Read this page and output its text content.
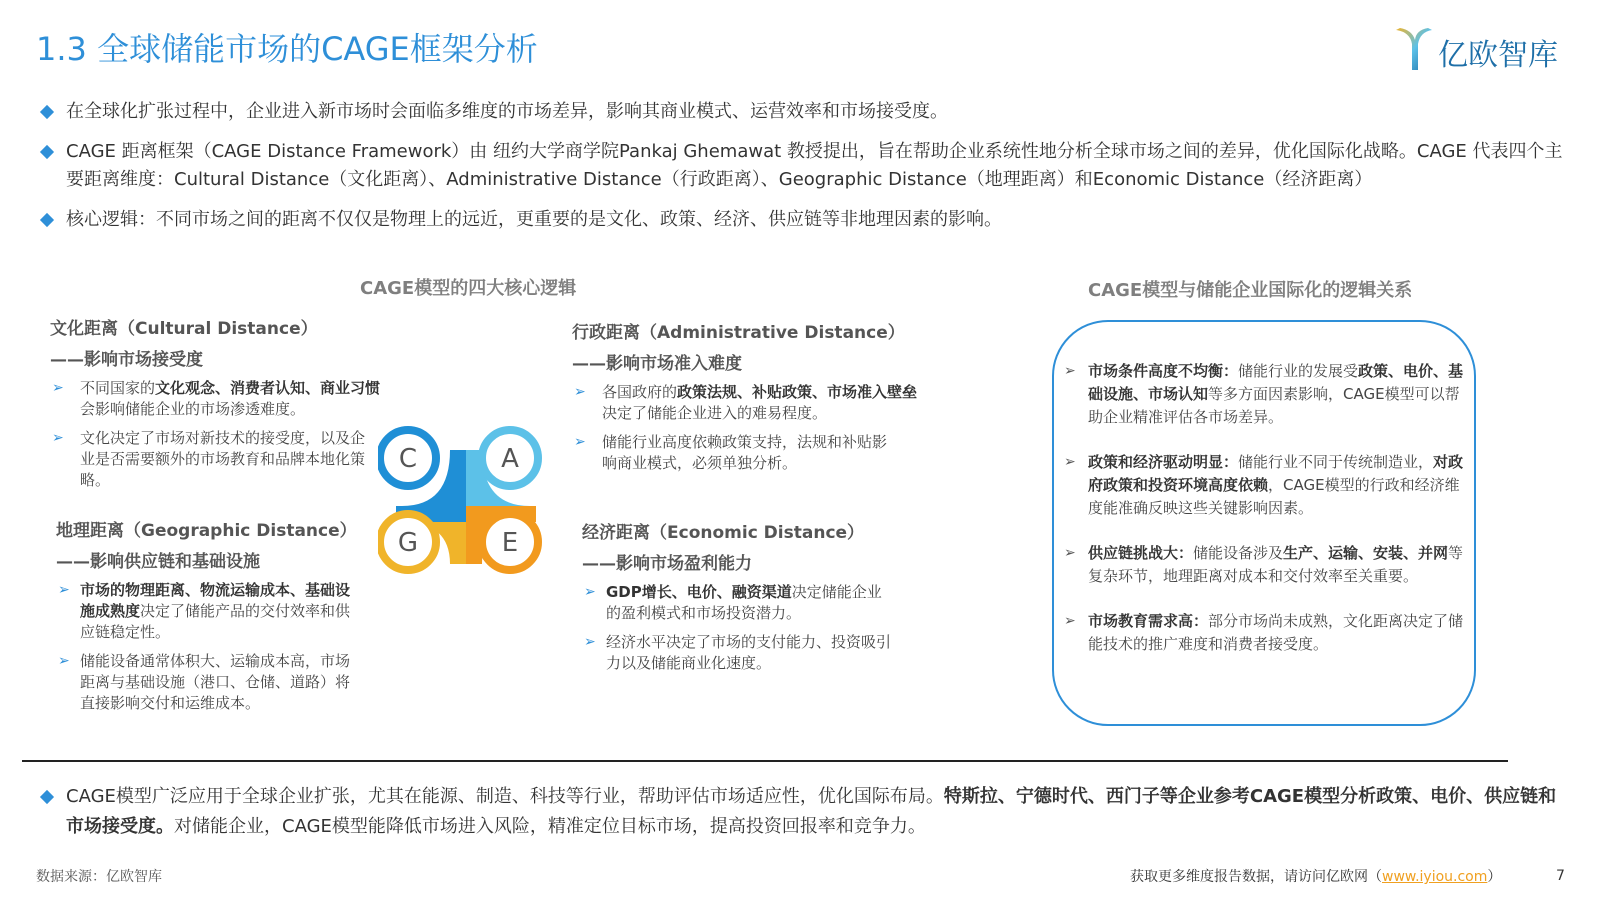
1.3 全球储能市场的CAGE框架分析	亿欧智库

在全球化扩张过程中，企业进入新市场时会面临多维度的市场差异，影响其商业模式、运营效率和市场接受度。

CAGE 距离框架（CAGE Distance Framework）由 纽约大学商学院Pankaj Ghemawat 教授提出，旨在帮助企业系统性地分析全球市场之间的差异，优化国际化战略。CAGE 代表四个主要距离维度：Cultural Distance（文化距离）、Administrative Distance（行政距离）、Geographic Distance（地理距离）和Economic Distance（经济距离）

核心逻辑：不同市场之间的距离不仅仅是物理上的远近，更重要的是文化、政策、经济、供应链等非地理因素的影响。

CAGE模型的四大核心逻辑
文化距离（Cultural Distance）
——影响市场接受度
➢ 不同国家的文化观念、消费者认知、商业习惯会影响储能企业的市场渗透难度。

➢ 文化决定了市场对新技术的接受度，以及企业是否需要额外的市场教育和品牌本地化策略。

行政距离（Administrative Distance）
——影响市场准入难度
➢ 各国政府的政策法规、补贴政策、市场准入壁垒决定了储能企业进入的难易程度。

➢ 储能行业高度依赖政策支持，法规和补贴影响商业模式，必须单独分析。

C	A
G	E
地理距离（Geographic Distance）
——影响供应链和基础设施
➢ 市场的物理距离、物流运输成本、基础设施成熟度决定了储能产品的交付效率和供应链稳定性。

➢ 储能设备通常体积大、运输成本高，市场距离与基础设施（港口、仓储、道路）将直接影响交付和运维成本。

经济距离（Economic Distance）
——影响市场盈利能力
➢ GDP增长、电价、融资渠道决定储能企业的盈利模式和市场投资潜力。

➢ 经济水平决定了市场的支付能力、投资吸引力以及储能商业化速度。

CAGE模型与储能企业国际化的逻辑关系
➢ 市场条件高度不均衡：储能行业的发展受政策、电价、基础设施、市场认知等多方面因素影响，CAGE模型可以帮助企业精准评估各市场差异。

➢ 政策和经济驱动明显：储能行业不同于传统制造业，对政府政策和投资环境高度依赖，CAGE模型的行政和经济维度能准确反映这些关键影响因素。

➢ 供应链挑战大：储能设备涉及生产、运输、安装、并网等复杂环节，地理距离对成本和交付效率至关重要。

➢ 市场教育需求高：部分市场尚未成熟，文化距离决定了储能技术的推广难度和消费者接受度。

CAGE模型广泛应用于全球企业扩张，尤其在能源、制造、科技等行业，帮助评估市场适应性，优化国际布局。特斯拉、宁德时代、西门子等企业参考CAGE模型分析政策、电价、供应链和市场接受度。对储能企业，CAGE模型能降低市场进入风险，精准定位目标市场，提高投资回报率和竞争力。

数据来源：亿欧智库	获取更多维度报告数据，请访问亿欧网（www.iyiou.com）	7
